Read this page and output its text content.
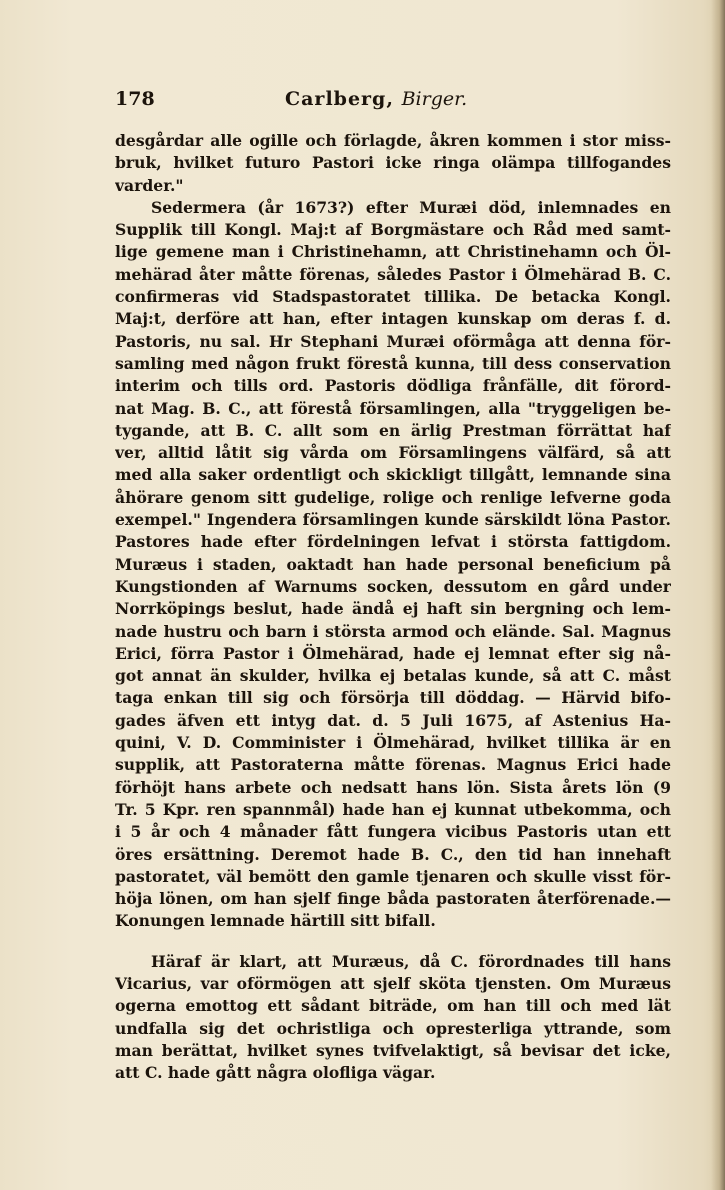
178	Carlberg, Birger.
desgårdar alle ogille och förlagde, åkren kommen i stor miss-
bruk, hvilket futuro Pastori icke ringa olämpa tillfogandes
varder."
Sedermera (år 1673?) efter Muræi död, inlemnades en
Supplik till Kongl. Maj:t af Borgmästare och Råd med samt-
lige gemene man i Christinehamn, att Christinehamn och Öl-
mehärad åter måtte förenas, således Pastor i Ölmehärad B. C.
confirmeras vid Stadspastoratet tillika. De betacka Kongl.
Maj:t, derföre att han, efter intagen kunskap om deras f. d.
Pastoris, nu sal. Hr Stephani Muræi oförmåga att denna för-
samling med någon frukt förestå kunna, till dess conservation
interim och tills ord. Pastoris dödliga frånfälle, dit förord-
nat Mag. B. C., att förestå församlingen, alla "tryggeligen be-
tygande, att B. C. allt som en ärlig Prestman förrättat haf
ver, alltid låtit sig vårda om Församlingens välfärd, så att
med alla saker ordentligt och skickligt tillgått, lemnande sina
åhörare genom sitt gudelige, rolige och renlige lefverne goda
exempel." Ingendera församlingen kunde särskildt löna Pastor.
Pastores hade efter fördelningen lefvat i största fattigdom.
Muræus i staden, oaktadt han hade personal beneficium på
Kungstionden af Warnums socken, dessutom en gård under
Norrköpings beslut, hade ändå ej haft sin bergning och lem-
nade hustru och barn i största armod och elände. Sal. Magnus
Erici, förra Pastor i Ölmehärad, hade ej lemnat efter sig nå-
got annat än skulder, hvilka ej betalas kunde, så att C. måst
taga enkan till sig och försörja till döddag. — Härvid bifo-
gades äfven ett intyg dat. d. 5 Juli 1675, af Astenius Ha-
quini, V. D. Comminister i Ölmehärad, hvilket tillika är en
supplik, att Pastoraterna måtte förenas. Magnus Erici hade
förhöjt hans arbete och nedsatt hans lön. Sista årets lön (9
Tr. 5 Kpr. ren spannmål) hade han ej kunnat utbekomma, och
i 5 år och 4 månader fått fungera vicibus Pastoris utan ett
öres ersättning. Deremot hade B. C., den tid han innehaft
pastoratet, väl bemött den gamle tjenaren och skulle visst för-
höja lönen, om han sjelf finge båda pastoraten återförenade.—
Konungen lemnade härtill sitt bifall.
Häraf är klart, att Muræus, då C. förordnades till hans
Vicarius, var oförmögen att sjelf sköta tjensten. Om Muræus
ogerna emottog ett sådant biträde, om han till och med lät
undfalla sig det ochristliga och opresterliga yttrande, som
man berättat, hvilket synes tvifvelaktigt, så bevisar det icke,
att C. hade gått några olofliga vägar.
